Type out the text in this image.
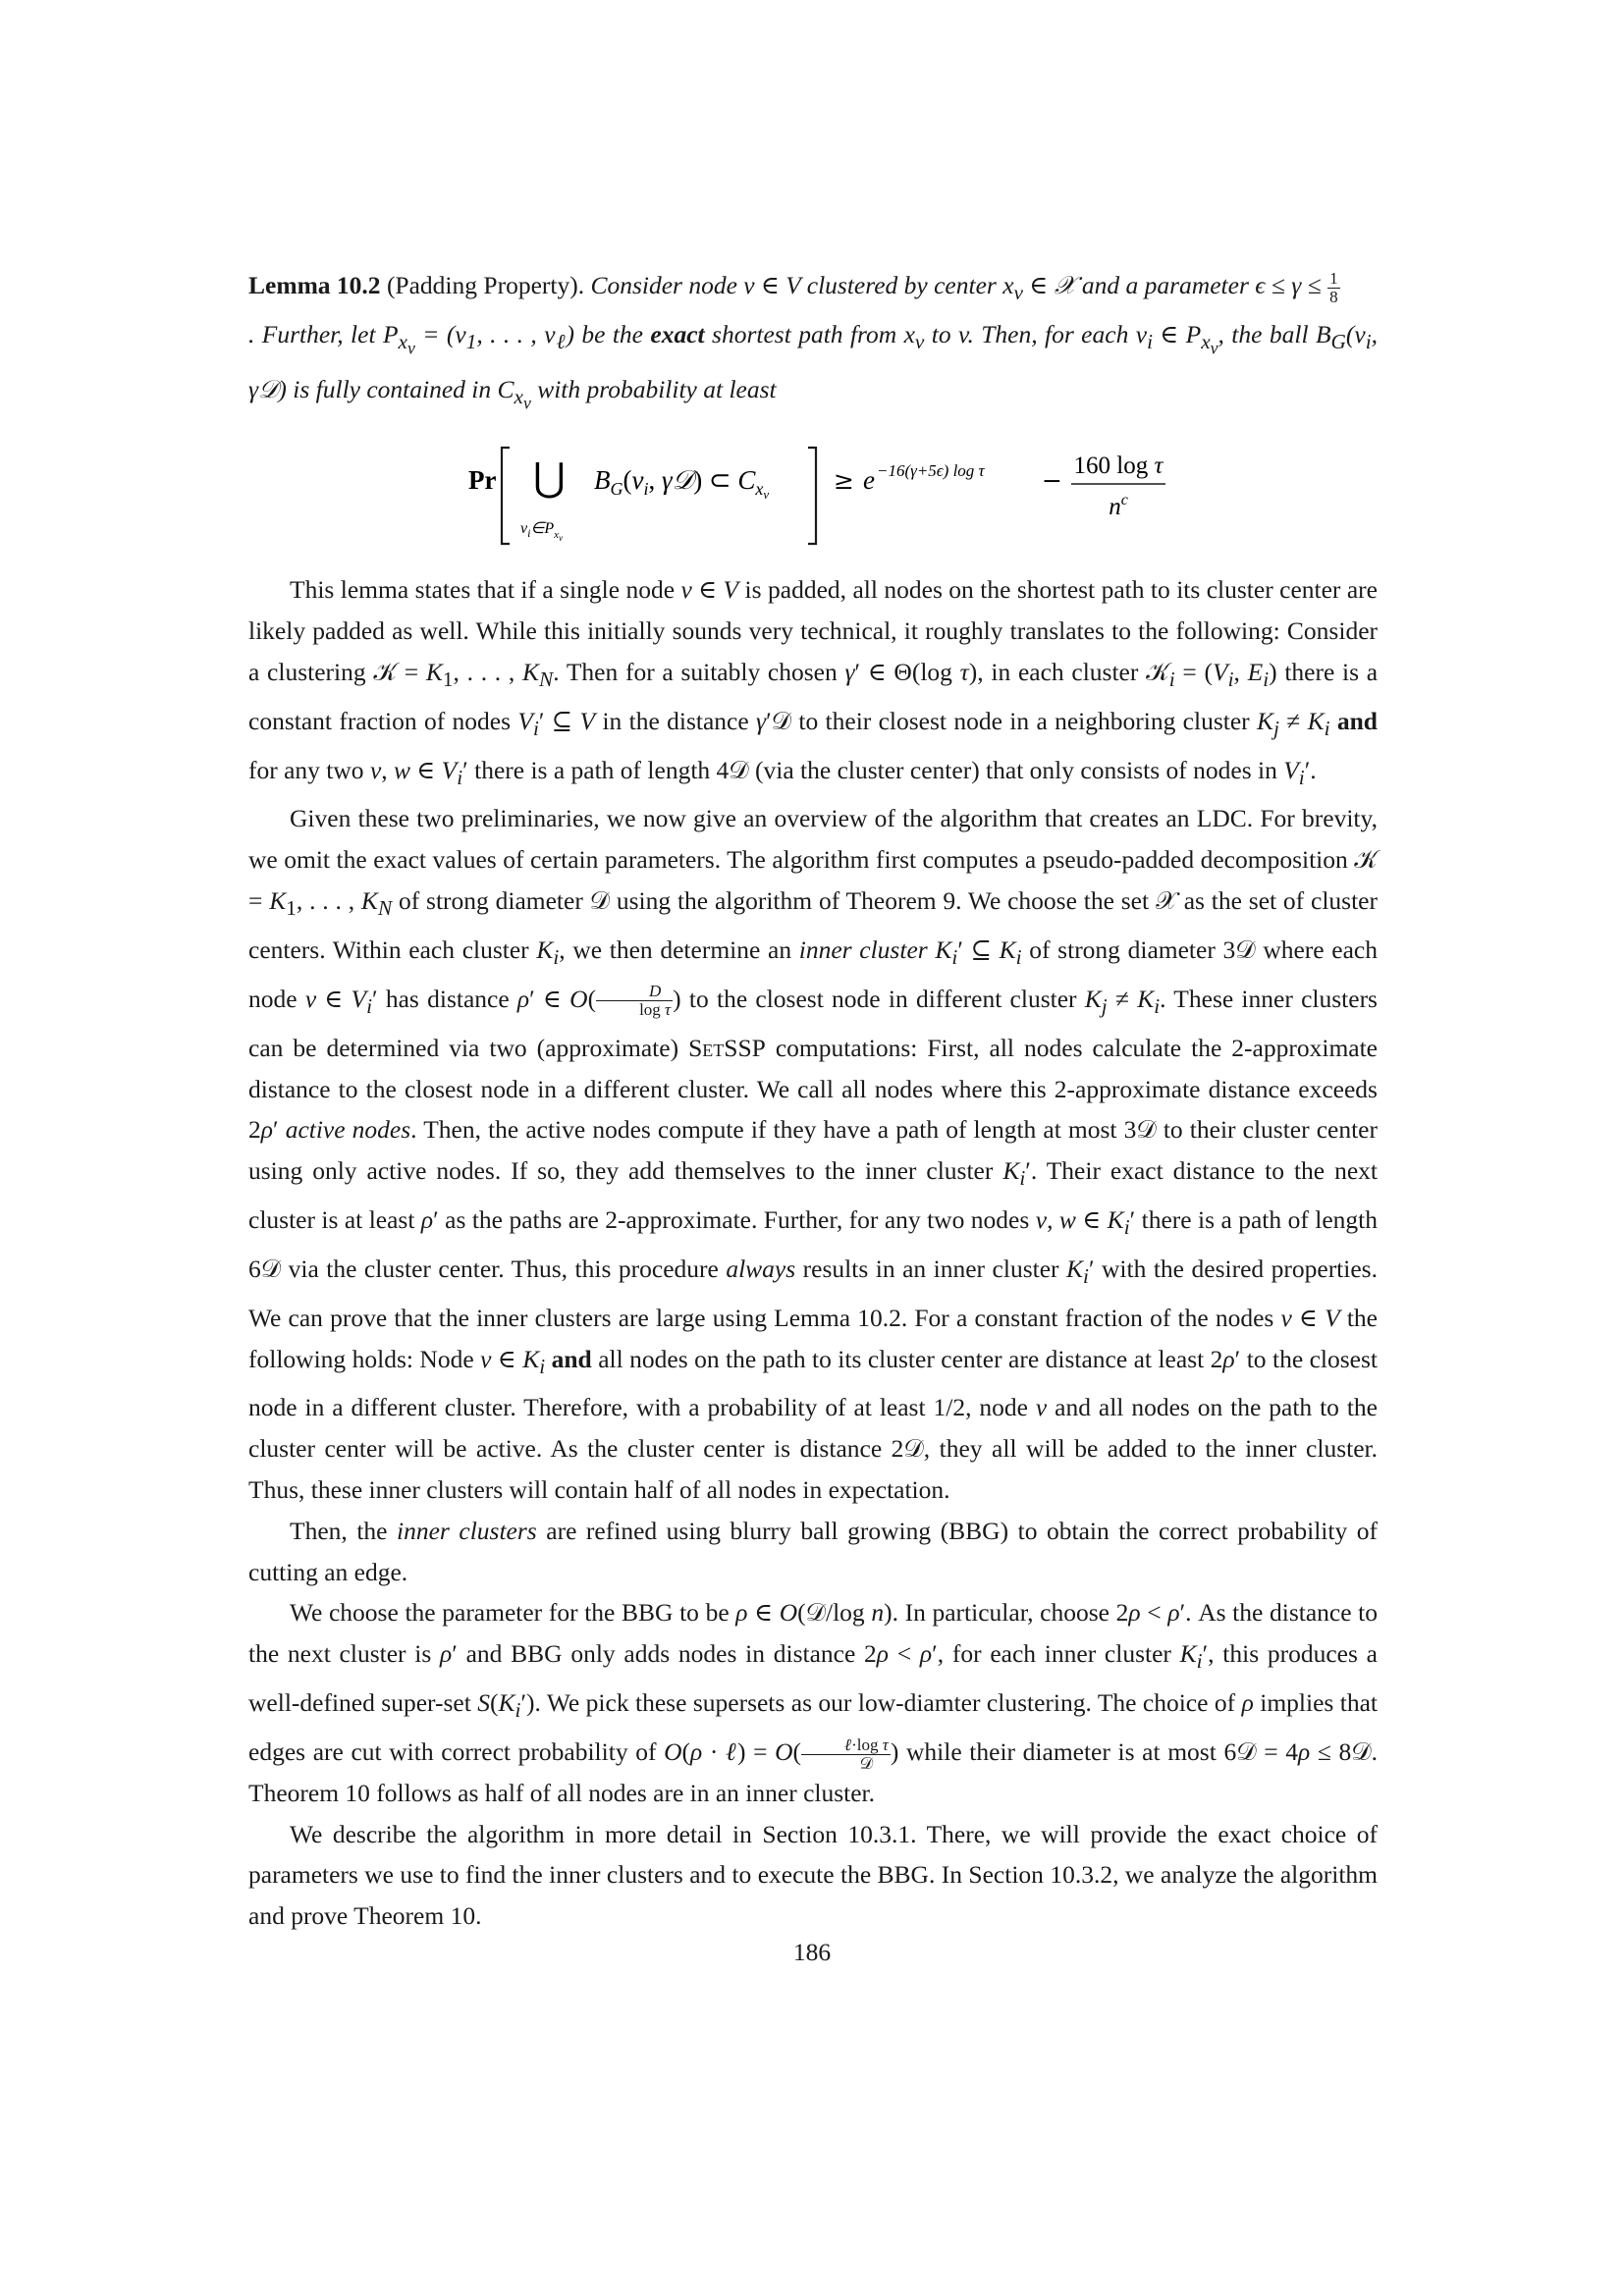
Lemma 10.2 (Padding Property). Consider node v ∈ V clustered by center $x_v$ ∈ 𝒳 and a parameter $\epsilon \le \gamma \le \frac{1}{8}$

. Further, let $P_{x_v} = (v_1$, . . . , $v_\ell$) be the exact shortest path from $x_v$ to v. Then, for each $v_i$ ∈ $P_{x_v}$, the ball $B_G(v_i$, γ𝒟) is fully contained in $C_{x_v}$ with probability at least

Pr ⋃
$v_i\in P_xv$
$B_G(v_i$, γ𝒟) ⊂ $C_xv$	≥ e −16(γ+5ϵ) log τ −
160 log τ
$n^c$

This lemma states that if a single node v ∈ V is padded, all nodes on the shortest path to its cluster center are likely padded as well. While this initially sounds very technical, it roughly translates to the following: Consider a clustering 𝒦 = $K_1$, . . . , $K_N$. Then for a suitably chosen γ′ ∈ Θ(log τ), in each cluster 𝒦$_i$ = ($V_i$, $E_i$) there is a constant fraction of nodes $V_i'$ ⊆ V in the distance γ′𝒟 to their closest node in a neighboring cluster $K_j \ne K_i$ and for any two v, w ∈ $V_i'$ there is a path of length 4𝒟 (via the cluster center) that only consists of nodes in $V_i'$.

Given these two preliminaries, we now give an overview of the algorithm that creates an LDC. For brevity, we omit the exact values of certain parameters. The algorithm first computes a pseudo-padded decomposition 𝒦 = $K_1$, . . . , $K_N$ of strong diameter 𝒟 using the algorithm of Theorem 9. We choose the set 𝒳 as the set of cluster centers. Within each cluster $K_i$, we then determine an inner cluster $K_i'$ ⊆ $K_i$ of strong diameter 3𝒟 where each node v ∈ $V_i'$ has distance ρ′ ∈ $O( \frac{D}{\text{log τ}}$ ) to the closest node in different cluster $K_j \ne K_i$. These inner clusters can be determined via two (approximate) SetSSP computations: First, all nodes calculate the 2-approximate distance to the closest node in a different cluster. We call all nodes where this 2-approximate distance exceeds 2ρ′ active nodes. Then, the active nodes compute if they have a path of length at most 3𝒟 to their cluster center using only active nodes. If so, they add themselves to the inner cluster $K_i'$. Their exact distance to the next cluster is at least ρ′ as the paths are 2-approximate. Further, for any two nodes v, w ∈ $K_i'$ there is a path of length 6𝒟 via the cluster center. Thus, this procedure always results in an inner cluster $K_i'$ with the desired properties. We can prove that the inner clusters are large using Lemma 10.2. For a constant fraction of the nodes v ∈ V the following holds: Node v ∈ $K_i$ and all nodes on the path to its cluster center are distance at least 2ρ′ to the closest node in a different cluster. Therefore, with a probability of at least 1/2, node v and all nodes on the path to the cluster center will be active. As the cluster center is distance 2𝒟, they all will be added to the inner cluster. Thus, these inner clusters will contain half of all nodes in expectation.

Then, the inner clusters are refined using blurry ball growing (BBG) to obtain the correct probability of cutting an edge.

We choose the parameter for the BBG to be ρ ∈ O(𝒟/log n). In particular, choose 2ρ < ρ′. As the distance to the next cluster is ρ′ and BBG only adds nodes in distance 2ρ < ρ′, for each inner cluster $K_i'$, this produces a well-defined super-set $S(K_i')$. We pick these supersets as our low-diamter clustering. The choice of ρ implies that edges are cut with correct probability of O(ρ · ℓ) = $O( \frac{\text{ℓ·log τ}}{\text{𝒟}}$ ) while their diameter is at most 6𝒟 = 4ρ ≤ 8𝒟. Theorem 10 follows as half of all nodes are in an inner cluster.

We describe the algorithm in more detail in Section 10.3.1. There, we will provide the exact choice of parameters we use to find the inner clusters and to execute the BBG. In Section 10.3.2, we analyze the algorithm and prove Theorem 10.

186
